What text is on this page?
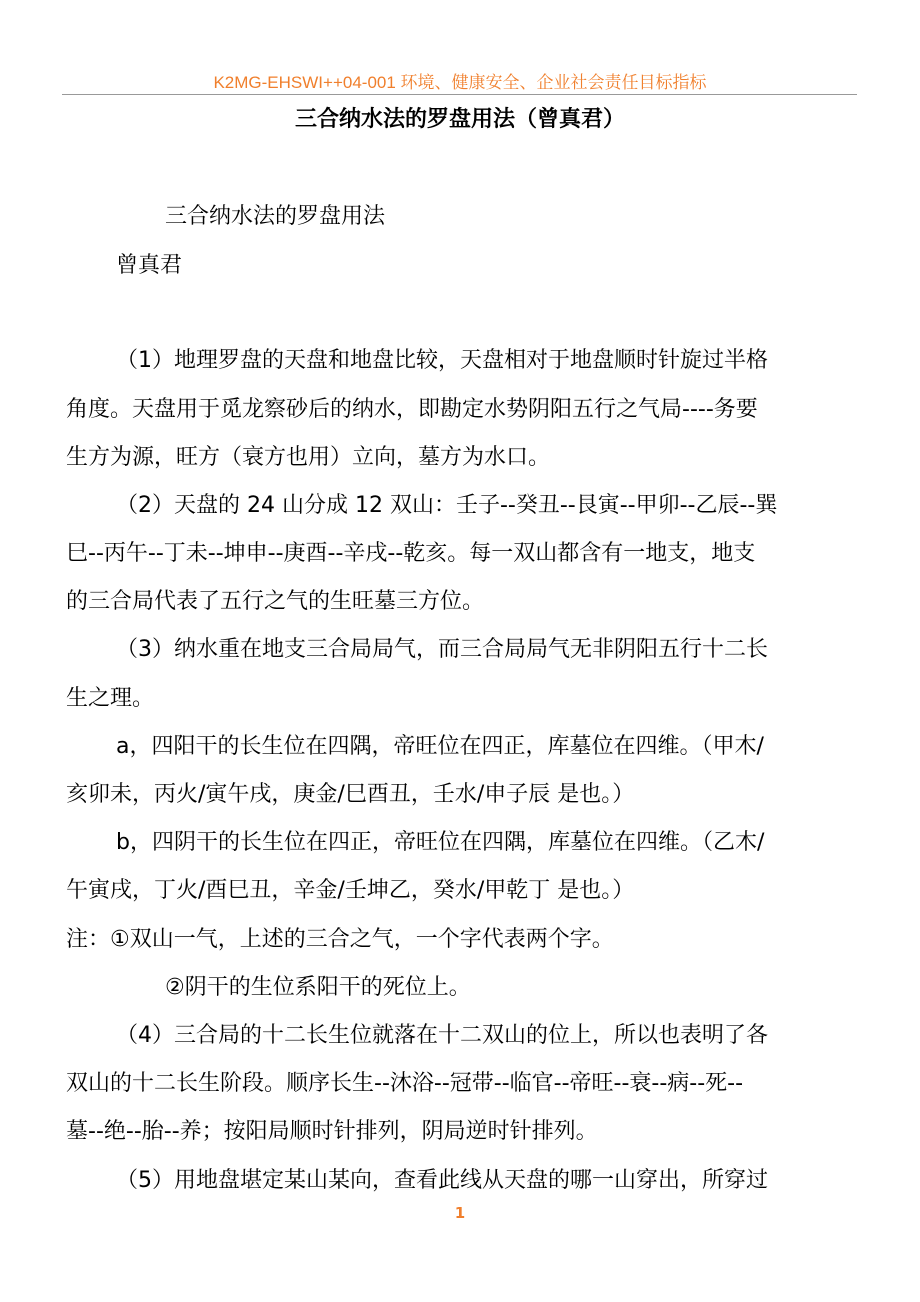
K2MG-EHSWI++04-001 环境、健康安全、企业社会责任目标指标
三合纳水法的罗盘用法（曾真君）
三合纳水法的罗盘用法
曾真君
（1）地理罗盘的天盘和地盘比较，天盘相对于地盘顺时针旋过半格
角度。天盘用于觅龙察砂后的纳水，即勘定水势阴阳五行之气局----务要
生方为源，旺方（衰方也用）立向，墓方为水口。
（2）天盘的 24 山分成 12 双山：壬子--癸丑--艮寅--甲卯--乙辰--巽
巳--丙午--丁未--坤申--庚酉--辛戌--乾亥。每一双山都含有一地支，地支
的三合局代表了五行之气的生旺墓三方位。
（3）纳水重在地支三合局局气，而三合局局气无非阴阳五行十二长
生之理。
a，四阳干的长生位在四隅，帝旺位在四正，库墓位在四维。（甲木/
亥卯未，丙火/寅午戌，庚金/巳酉丑，壬水/申子辰 是也。）
b，四阴干的长生位在四正，帝旺位在四隅，库墓位在四维。（乙木/
午寅戌，丁火/酉巳丑，辛金/壬坤乙，癸水/甲乾丁 是也。）
注：①双山一气，上述的三合之气，一个字代表两个字。
②阴干的生位系阳干的死位上。
（4）三合局的十二长生位就落在十二双山的位上，所以也表明了各
双山的十二长生阶段。顺序长生--沐浴--冠带--临官--帝旺--衰--病--死--
墓--绝--胎--养；按阳局顺时针排列，阴局逆时针排列。
（5）用地盘堪定某山某向，查看此线从天盘的哪一山穿出，所穿过
1
